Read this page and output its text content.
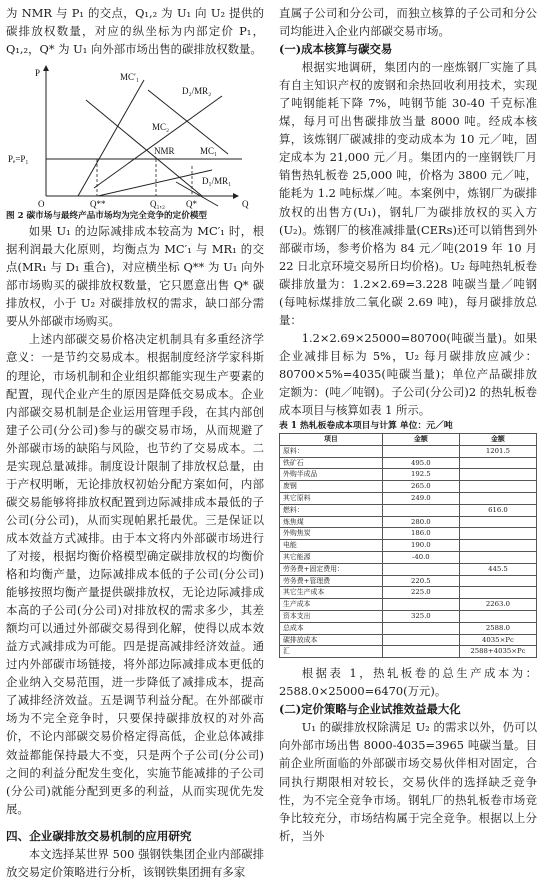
为 NMR 与 P₁ 的交点，Q₁,₂ 为 U₁ 向 U₂ 提供的碳排放权数量，对应的纵坐标为内部定价 P₁，Q₁,₂，Q* 为 U₁ 向外部市场出售的碳排放权数量。

P	MC′₁
D₂/MR₂
MC₂
NMR	MC₁
Pₑ=P₁
D₁/MR₁
O	Q**	Q₁,₂ Q*	Q

图 2 碳市场与最终产品市场均为完全竞争的定价模型

如果 U₁ 的边际减排成本较高为 MC′₁ 时，根据利润最大化原则，均衡点为 MC′₁ 与 MR₁ 的交点(MR₁ 与 D₁ 重合)，对应横坐标 Q** 为 U₁ 向外部市场购买的碳排放权数量，它只愿意出售 Q* 碳排放权，小于 U₂ 对碳排放权的需求，缺口部分需要从外部碳市场购买。

上述内部碳交易价格决定机制具有多重经济学意义：一是节约交易成本。根据制度经济学家科斯的理论，市场机制和企业组织都能实现生产要素的配置，现代企业产生的原因是降低交易成本。企业内部碳交易机制是企业运用管理手段，在其内部创建子公司(分公司)参与的碳交易市场，从而规避了外部碳市场的缺陷与风险，也节约了交易成本。二是实现总量减排。制度设计限制了排放权总量，由于产权明晰，无论排放权初始分配方案如何，内部碳交易能够将排放权配置到边际减排成本最低的子公司(分公司)，从而实现帕累托最优。三是保证以成本效益方式减排。由于本文将内外部碳市场进行了对接，根据均衡价格模型确定碳排放权的均衡价格和均衡产量，边际减排成本低的子公司(分公司)能够按照均衡产量提供碳排放权，无论边际减排成本高的子公司(分公司)对排放权的需求多少，其差额均可以通过外部碳交易得到化解，使得以成本效益方式减排成为可能。四是提高减排经济效益。通过内外部碳市场链接，将外部边际减排成本更低的企业纳入交易范围，进一步降低了减排成本，提高了减排经济效益。五是调节利益分配。在外部碳市场为不完全竞争时，只要保持碳排放权的对外高价，不论内部碳交易价格定得高低，企业总体减排效益都能保持最大不变，只是两个子公司(分公司)之间的利益分配发生变化，实施节能减排的子公司(分公司)就能分配到更多的利益，从而实现优先发展。

四、企业碳排放交易机制的应用研究

本文选择某世界 500 强钢铁集团企业内部碳排放交易定价策略进行分析，该钢铁集团拥有多家

直属子公司和分公司，而独立核算的子公司和分公司均能进入企业内部碳交易市场。

(一)成本核算与碳交易

根据实地调研，集团内的一座炼钢厂实施了具有自主知识产权的废钢和余热回收利用技术，实现了吨钢能耗下降 7%，吨钢节能 30-40 千克标准煤，每月可出售碳排放当量 8000 吨。经成本核算，该炼钢厂碳减排的变动成本为 10 元／吨，固定成本为 21,000 元／月。集团内的一座钢铁厂月销售热轧板卷 25,000 吨，价格为 3800 元／吨，能耗为 1.2 吨标煤／吨。本案例中，炼钢厂为碳排放权的出售方(U₁)，钢轧厂为碳排放权的买入方(U₂)。炼钢厂的核准减排量(CERs)还可以销售到外部碳市场，参考价格为 84 元／吨(2019 年 10 月 22 日北京环境交易所日均价格)。U₂ 每吨热轧板卷碳排放量为：1.2×2.69=3.228 吨碳当量／吨钢(每吨标煤排放二氧化碳 2.69 吨)，每月碳排放总量：

1.2×2.69×25000=80700(吨碳当量)。如果企业减排目标为 5%，U₂ 每月碳排放应减少：80700×5%=4035(吨碳当量)；单位产品碳排放定额为：(吨／吨钢)。子公司(分公司)2 的热轧板卷成本项目与核算如表 1 所示。

表 1 热轧板卷成本项目与计算 单位：元／吨

项目	金额	金额
原料：		1201.5
铁矿石	495.0	
外购半成品	192.5	
废钢	265.0	
其它原料	249.0	
燃料：		616.0
炼焦煤	280.0	
外购焦炭	186.0	
电能	190.0	
其它能源	-40.0	
劳务费+固定费用：		445.5
劳务费+管理费	220.5	
其它生产成本	225.0	
生产成本		2263.0
资本支出	325.0	
总成本		2588.0
碳排放成本		4035×Pc
汇		2588+4035×Pc

根据表 1，热轧板卷的总生产成本为：2588.0×25000=6470(万元)。

(二)定价策略与企业试推效益最大化

U₁ 的碳排放权除满足 U₂ 的需求以外，仍可以向外部市场出售 8000-4035=3965 吨碳当量。目前企业所面临的外部碳市场交易伙伴相对固定，合同执行期限相对较长，交易伙伴的选择缺乏竞争性，为不完全竞争市场。钢轧厂的热轧板卷市场竞争比较充分，市场结构属于完全竞争。根据以上分析，当外
